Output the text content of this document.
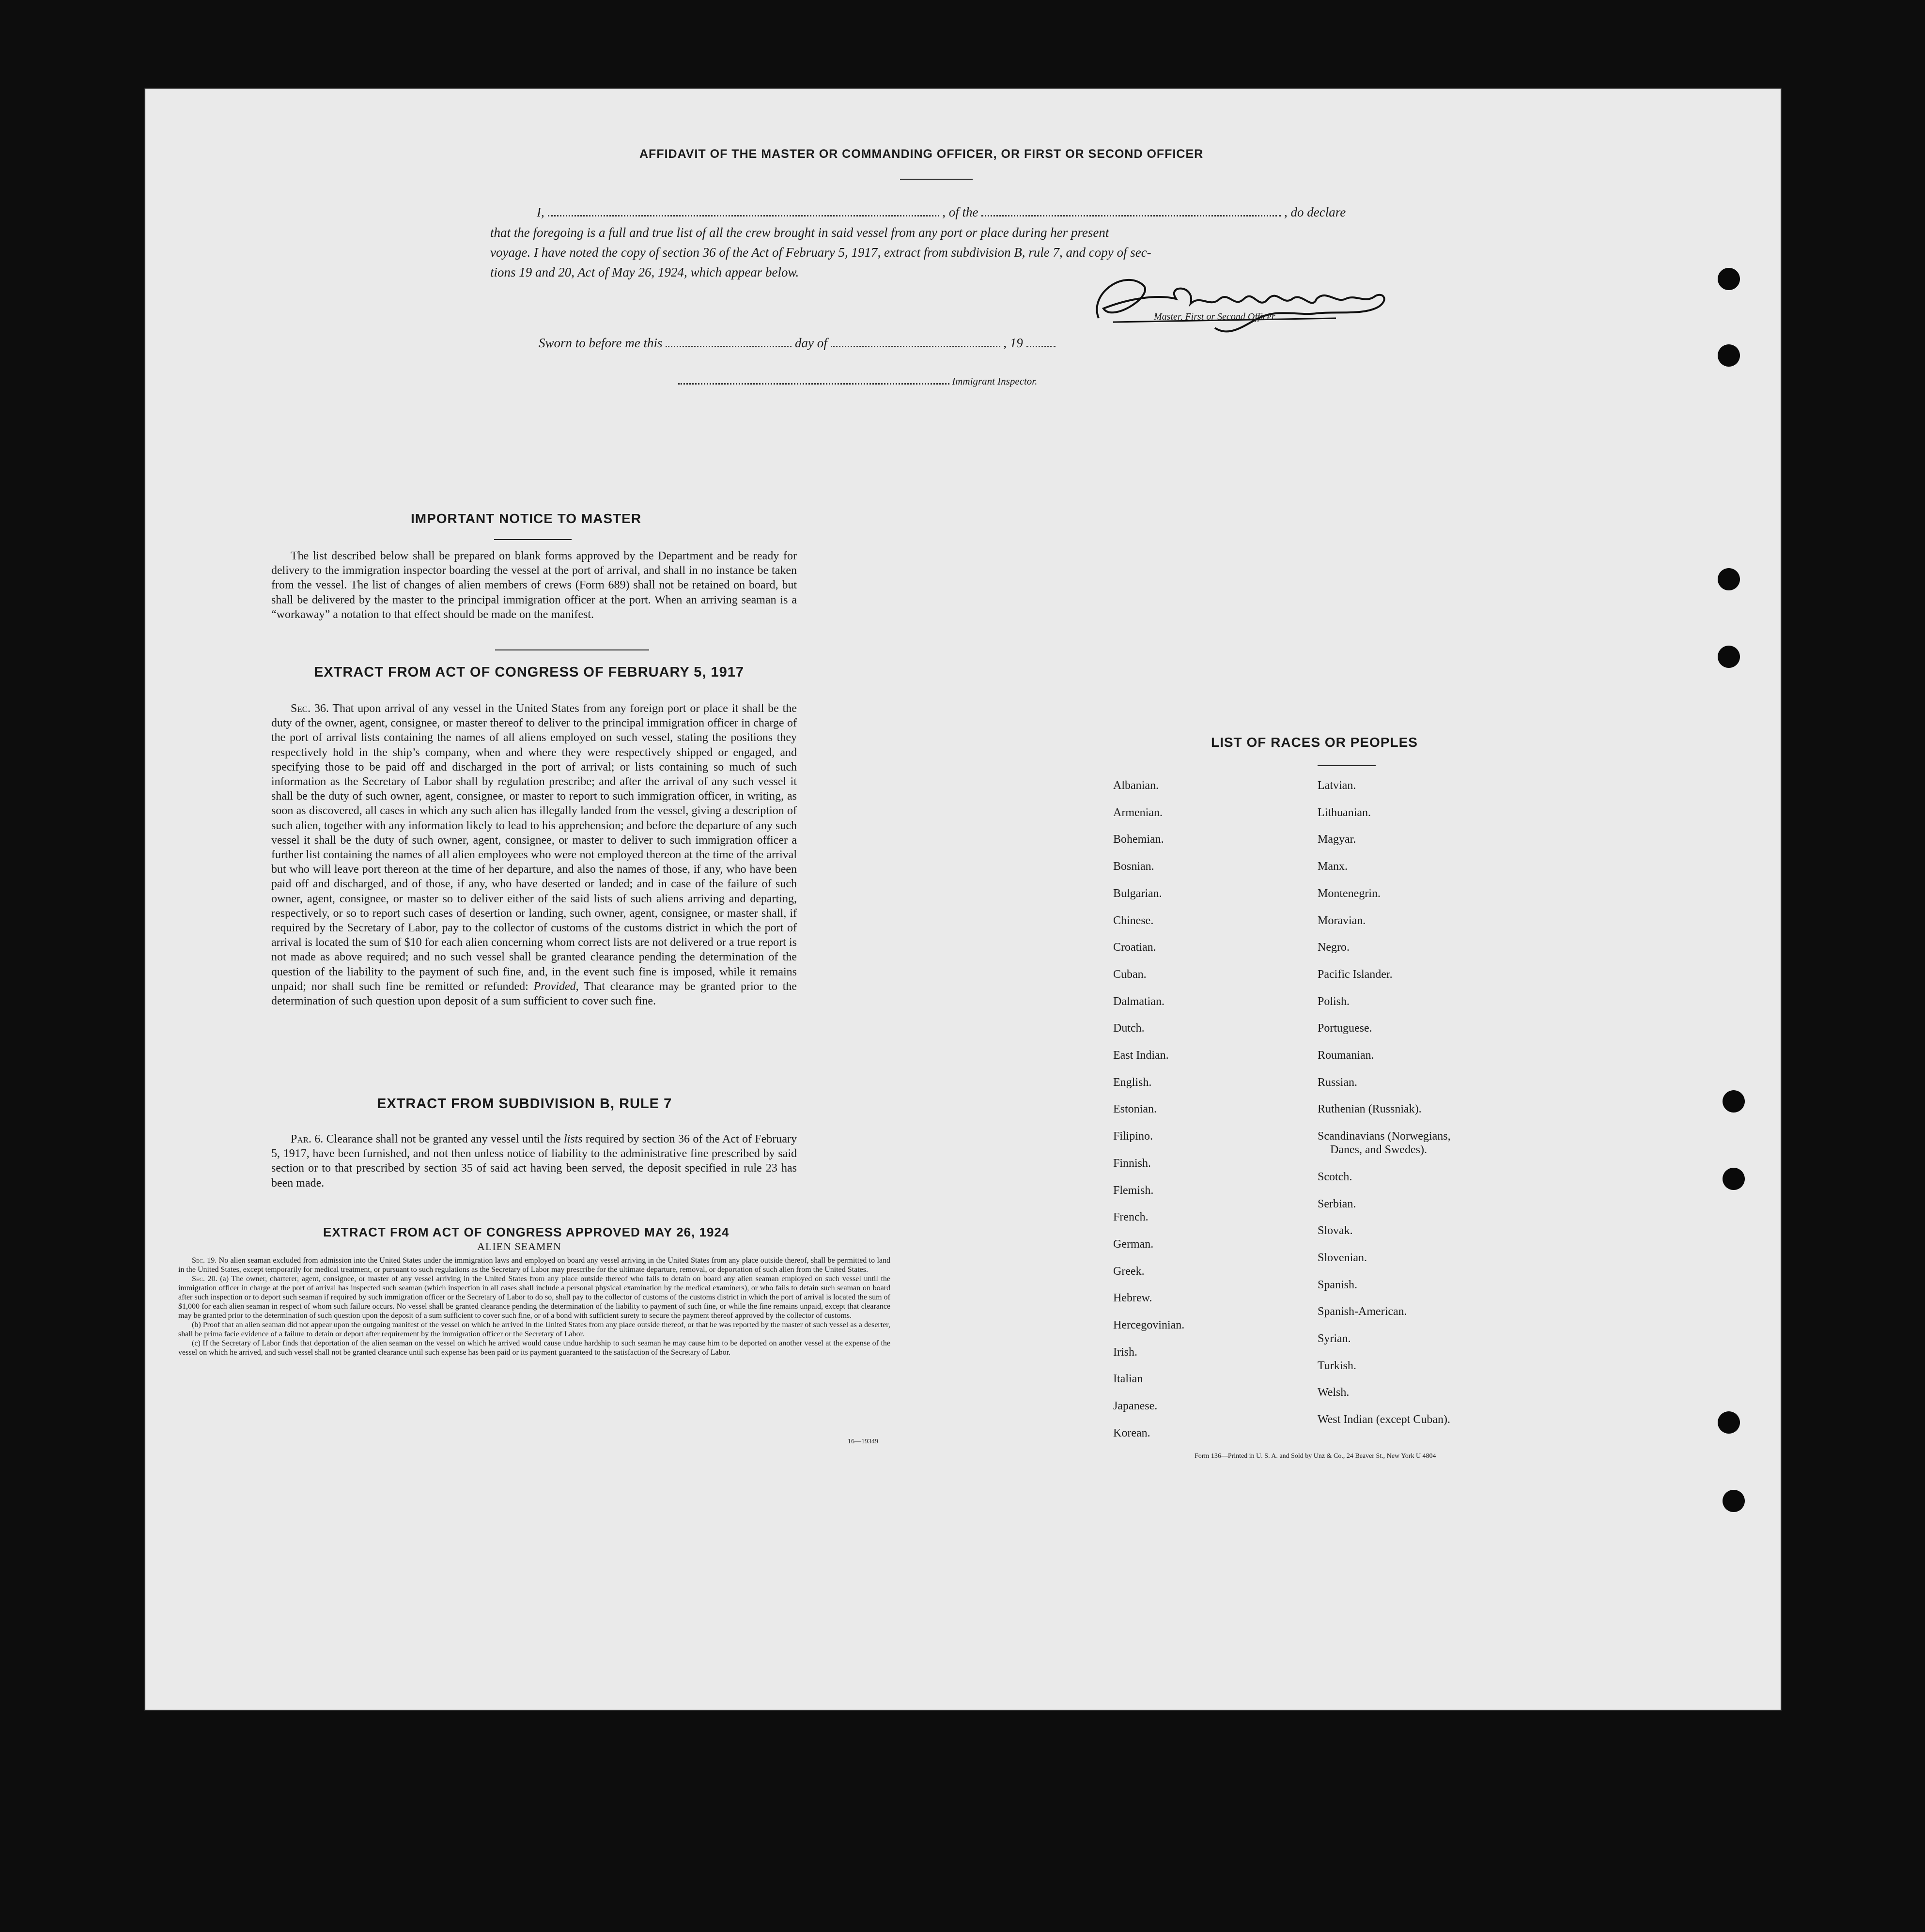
AFFIDAVIT OF THE MASTER OR COMMANDING OFFICER, OR FIRST OR SECOND OFFICER
I,	, of the	, do declare
that the foregoing is a full and true list of all the crew brought in said vessel from any port or place during her present
voyage. I have noted the copy of section 36 of the Act of February 5, 1917, extract from subdivision B, rule 7, and copy of sec-
tions 19 and 20, Act of May 26, 1924, which appear below.
Master, First or Second Officer.
Sworn to before me this	day of	, 19
Immigrant Inspector.
IMPORTANT NOTICE TO MASTER

The list described below shall be prepared on blank forms approved by the Department and be ready for delivery to the immigration inspector boarding the vessel at the port of arrival, and shall in no instance be taken from the vessel. The list of changes of alien members of crews (Form 689) shall not be retained on board, but shall be delivered by the master to the principal immigration officer at the port. When an arriving seaman is a “workaway” a notation to that effect should be made on the manifest.

EXTRACT FROM ACT OF CONGRESS OF FEBRUARY 5, 1917

Sec. 36. That upon arrival of any vessel in the United States from any foreign port or place it shall be the duty of the owner, agent, consignee, or master thereof to deliver to the principal immigration officer in charge of the port of arrival lists containing the names of all aliens employed on such vessel, stating the positions they respectively hold in the ship’s company, when and where they were respectively shipped or engaged, and specifying those to be paid off and discharged in the port of arrival; or lists containing so much of such information as the Secretary of Labor shall by regulation prescribe; and after the arrival of any such vessel it shall be the duty of such owner, agent, consignee, or master to report to such immigration officer, in writing, as soon as discovered, all cases in which any such alien has illegally landed from the vessel, giving a description of such alien, together with any information likely to lead to his apprehension; and before the departure of any such vessel it shall be the duty of such owner, agent, consignee, or master to deliver to such immigration officer a further list containing the names of all alien employees who were not employed thereon at the time of the arrival but who will leave port thereon at the time of her departure, and also the names of those, if any, who have been paid off and discharged, and of those, if any, who have deserted or landed; and in case of the failure of such owner, agent, consignee, or master so to deliver either of the said lists of such aliens arriving and departing, respectively, or so to report such cases of desertion or landing, such owner, agent, consignee, or master shall, if required by the Secretary of Labor, pay to the collector of customs of the customs district in which the port of arrival is located the sum of $10 for each alien concerning whom correct lists are not delivered or a true report is not made as above required; and no such vessel shall be granted clearance pending the determination of the question of the liability to the payment of such fine, and, in the event such fine is imposed, while it remains unpaid; nor shall such fine be remitted or refunded: Provided, That clearance may be granted prior to the determination of such question upon deposit of a sum sufficient to cover such fine.

EXTRACT FROM SUBDIVISION B, RULE 7

Par. 6. Clearance shall not be granted any vessel until the lists required by section 36 of the Act of February 5, 1917, have been furnished, and not then unless notice of liability to the administrative fine prescribed by said section or to that prescribed by section 35 of said act having been served, the deposit specified in rule 23 has been made.

EXTRACT FROM ACT OF CONGRESS APPROVED MAY 26, 1924
ALIEN SEAMEN

Sec. 19. No alien seaman excluded from admission into the United States under the immigration laws and employed on board any vessel arriving in the United States from any place outside thereof, shall be permitted to land in the United States, except temporarily for medical treatment, or pursuant to such regulations as the Secretary of Labor may prescribe for the ultimate departure, removal, or deportation of such alien from the United States.

Sec. 20. (a) The owner, charterer, agent, consignee, or master of any vessel arriving in the United States from any place outside thereof who fails to detain on board any alien seaman employed on such vessel until the immigration officer in charge at the port of arrival has inspected such seaman (which inspection in all cases shall include a personal physical examination by the medical examiners), or who fails to detain such seaman on board after such inspection or to deport such seaman if required by such immigration officer or the Secretary of Labor to do so, shall pay to the collector of customs of the customs district in which the port of arrival is located the sum of $1,000 for each alien seaman in respect of whom such failure occurs. No vessel shall be granted clearance pending the determination of the liability to payment of such fine, or while the fine remains unpaid, except that clearance may be granted prior to the determination of such question upon the deposit of a sum sufficient to cover such fine, or of a bond with sufficient surety to secure the payment thereof approved by the collector of customs.

(b) Proof that an alien seaman did not appear upon the outgoing manifest of the vessel on which he arrived in the United States from any place outside thereof, or that he was reported by the master of such vessel as a deserter, shall be prima facie evidence of a failure to detain or deport after requirement by the immigration officer or the Secretary of Labor.

(c) If the Secretary of Labor finds that deportation of the alien seaman on the vessel on which he arrived would cause undue hardship to such seaman he may cause him to be deported on another vessel at the expense of the vessel on which he arrived, and such vessel shall not be granted clearance until such expense has been paid or its payment guaranteed to the satisfaction of the Secretary of Labor.

16—19349
LIST OF RACES OR PEOPLES
Form 136—Printed in U. S. A. and Sold by Unz & Co., 24 Beaver St., New York U 4804
Albanian.
Armenian.
Bohemian.
Bosnian.
Bulgarian.
Chinese.
Croatian.
Cuban.
Dalmatian.
Dutch.
East Indian.
English.
Estonian.
Filipino.
Finnish.
Flemish.
French.
German.
Greek.
Hebrew.
Hercegovinian.
Irish.
Italian
Japanese.
Korean.
Latvian.
Lithuanian.
Magyar.
Manx.
Montenegrin.
Moravian.
Negro.
Pacific Islander.
Polish.
Portuguese.
Roumanian.
Russian.
Ruthenian (Russniak).
Scandinavians (Norwegians,
Danes, and Swedes).
Scotch.
Serbian.
Slovak.
Slovenian.
Spanish.
Spanish-American.
Syrian.
Turkish.
Welsh.
West Indian (except Cuban).
